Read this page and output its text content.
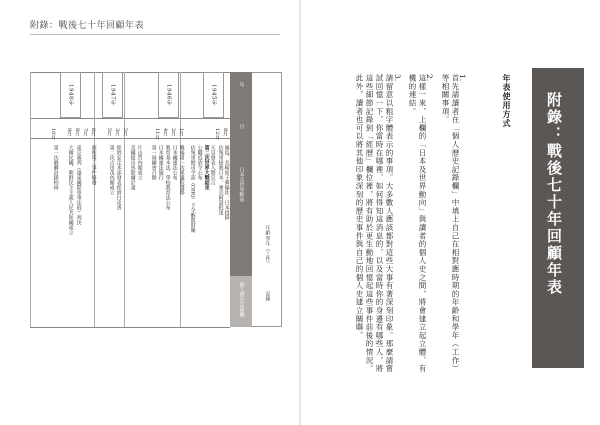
附錄：戰後七十年回顧年表
1945年
1946年
1947年
1948年
8月
12月
1月
2月
4月
11月
5月
3月
5月
6月
7月
8月
9月
10月
廣島、長崎原子彈爆炸。日本投降
佔領軍接收日本，麥克阿瑟抵達
天皇發表人間宣言
第二次世界大戰結束
公職追放令公布
佔領軍總司令部（GHQ）下令解散財閥
戰後第一次眾議院選舉
日本國憲法公布
教育基本法、學校教育法公布
日本國憲法施行
第一屆國會召開
片山哲內閣成立
美國提出馬歇爾計畫
經濟安定本部發表經濟白皮書
第二次吉田茂內閣成立
昭和電工事件爆發
東京審判（遠東國際軍事法庭）判決
大韓民國、朝鮮民主主義人民共和國成立
第一次蘇聯封鎖柏林
年
月
日本及世界動向
個人歷史記錄欄
年齡
學年（工作）
記錄	附錄：戰後七十年回顧年表
年表使用方式
1.
首先請讀者在「個人歷史記錄欄」中填上自己在相對應時期的年齡和學年（工作）等相關事項。
2.
這樣一來，上欄的「日本及世界動向」與讀者的個人史之間，將會建立起立體、有機的連結。
3.
請留意以粗字體表示的事項。大多數人應該都對這些大事有著深刻印象。那麼請嘗試回憶一下，你當時在哪裡、如何得知這消息的，以及當時你的身邊有哪些人，將這些細節記錄到「經歷」欄位裡，將有助於更生動地回憶起這些事件前後的情況。此外，讀者也可以將其他印象深刻的歷史事件與自己的個人史建立關聯。
